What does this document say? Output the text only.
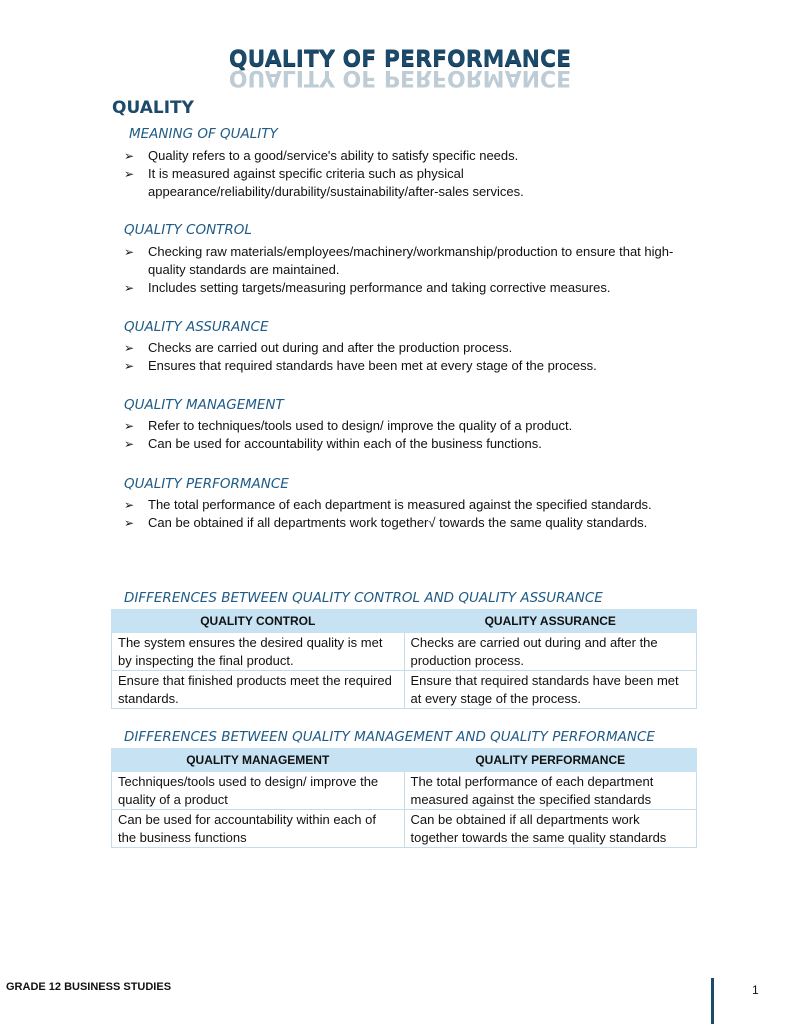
QUALITY OF PERFORMANCE
QUALITY OF PERFORMANCE
QUALITY
MEANING OF QUALITY
➢ Quality refers to a good/service's ability to satisfy specific needs.
➢ It is measured against specific criteria such as physical appearance/reliability/durability/sustainability/after-sales services.
QUALITY CONTROL
➢ Checking raw materials/employees/machinery/workmanship/production to ensure that high-quality standards are maintained.
➢ Includes setting targets/measuring performance and taking corrective measures.
QUALITY ASSURANCE
➢ Checks are carried out during and after the production process.
➢ Ensures that required standards have been met at every stage of the process.
QUALITY MANAGEMENT
➢ Refer to techniques/tools used to design/ improve the quality of a product.
➢ Can be used for accountability within each of the business functions.
QUALITY PERFORMANCE
➢ The total performance of each department is measured against the specified standards.
➢ Can be obtained if all departments work together√ towards the same quality standards.
DIFFERENCES BETWEEN QUALITY CONTROL AND QUALITY ASSURANCE
QUALITY CONTROL	QUALITY ASSURANCE
The system ensures the desired quality is met by inspecting the final product.	Checks are carried out during and after the production process.
Ensure that finished products meet the required standards.	Ensure that required standards have been met at every stage of the process.
DIFFERENCES BETWEEN QUALITY MANAGEMENT AND QUALITY PERFORMANCE
QUALITY MANAGEMENT	QUALITY PERFORMANCE
Techniques/tools used to design/ improve the quality of a product	The total performance of each department measured against the specified standards
Can be used for accountability within each of the business functions	Can be obtained if all departments work together towards the same quality standards
GRADE 12 BUSINESS STUDIES	1
